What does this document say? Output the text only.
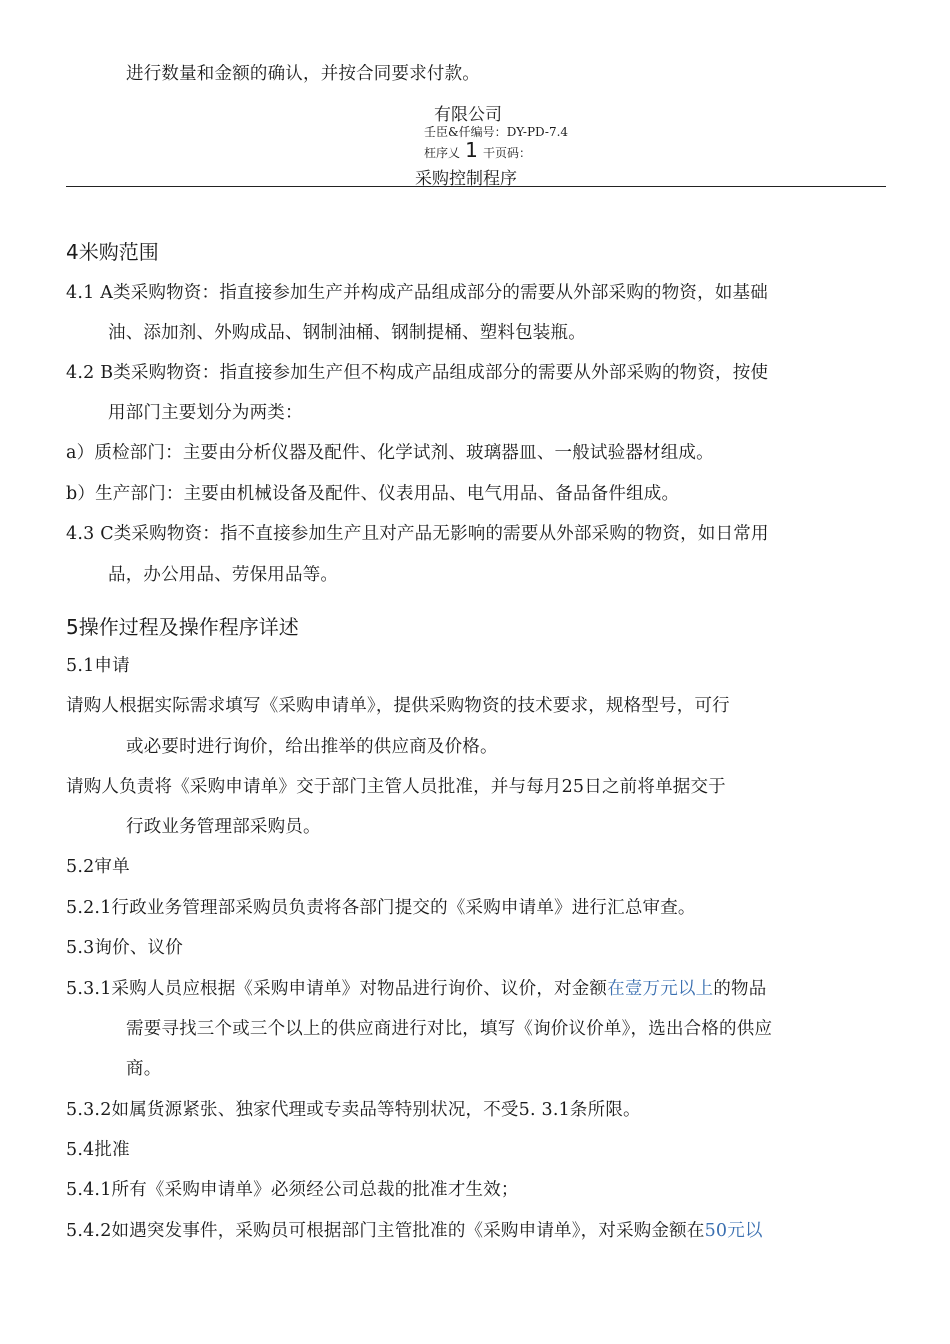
进行数量和金额的确认，并按合同要求付款。
有限公司
壬臣&仟编号：DY-PD-7.4
枉序乂 1 干页码：
采购控制程序
4米购范围
4.1 A类采购物资：指直接参加生产并构成产品组成部分的需要从外部采购的物资，如基础
油、添加剂、外购成品、钢制油桶、钢制提桶、塑料包装瓶。
4.2 B类采购物资：指直接参加生产但不构成产品组成部分的需要从外部采购的物资，按使
用部门主要划分为两类：
a）质检部门：主要由分析仪器及配件、化学试剂、玻璃器皿、一般试验器材组成。
b）生产部门：主要由机械设备及配件、仪表用品、电气用品、备品备件组成。
4.3 C类采购物资：指不直接参加生产且对产品无影响的需要从外部采购的物资，如日常用
品，办公用品、劳保用品等。
5操作过程及操作程序详述
5.1申请
请购人根据实际需求填写《采购申请单》，提供采购物资的技术要求，规格型号，可行
或必要时进行询价，给出推举的供应商及价格。
请购人负责将《采购申请单》交于部门主管人员批准，并与每月25日之前将单据交于
行政业务管理部采购员。
5.2审单
5.2.1行政业务管理部采购员负责将各部门提交的《采购申请单》进行汇总审查。
5.3询价、议价
5.3.1采购人员应根据《采购申请单》对物品进行询价、议价，对金额在壹万元以上的物品
需要寻找三个或三个以上的供应商进行对比，填写《询价议价单》，选出合格的供应
商。
5.3.2如属货源紧张、独家代理或专卖品等特别状况，不受5. 3.1条所限。
5.4批准
5.4.1所有《采购申请单》必须经公司总裁的批准才生效；
5.4.2如遇突发事件，采购员可根据部门主管批准的《采购申请单》，对采购金额在50元以
